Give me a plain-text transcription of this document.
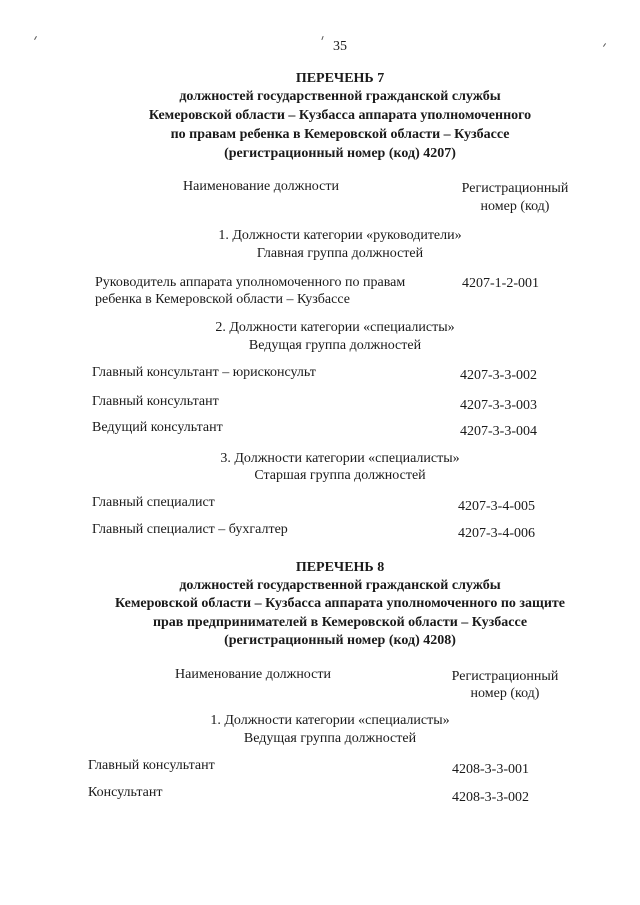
35
ПЕРЕЧЕНЬ 7
должностей государственной гражданской службы
Кемеровской области – Кузбасса аппарата уполномоченного
по правам ребенка в Кемеровской области – Кузбассе
(регистрационный номер (код) 4207)
Наименование должности	Регистрационный
номер (код)
1. Должности категории «руководители»
Главная группа должностей
Руководитель аппарата уполномоченного по правам
ребенка в Кемеровской области – Кузбассе
4207-1-2-001
2. Должности категории «специалисты»
Ведущая группа должностей
Главный консультант – юрисконсульт	4207-3-3-002
Главный консультант	4207-3-3-003
Ведущий консультант	4207-3-3-004
3. Должности категории «специалисты»
Старшая группа должностей
Главный специалист	4207-3-4-005
Главный специалист – бухгалтер	4207-3-4-006
ПЕРЕЧЕНЬ 8
должностей государственной гражданской службы
Кемеровской области – Кузбасса аппарата уполномоченного по защите
прав предпринимателей в Кемеровской области – Кузбассе
(регистрационный номер (код) 4208)
Наименование должности	Регистрационный
номер (код)
1. Должности категории «специалисты»
Ведущая группа должностей
Главный консультант	4208-3-3-001
Консультант	4208-3-3-002
